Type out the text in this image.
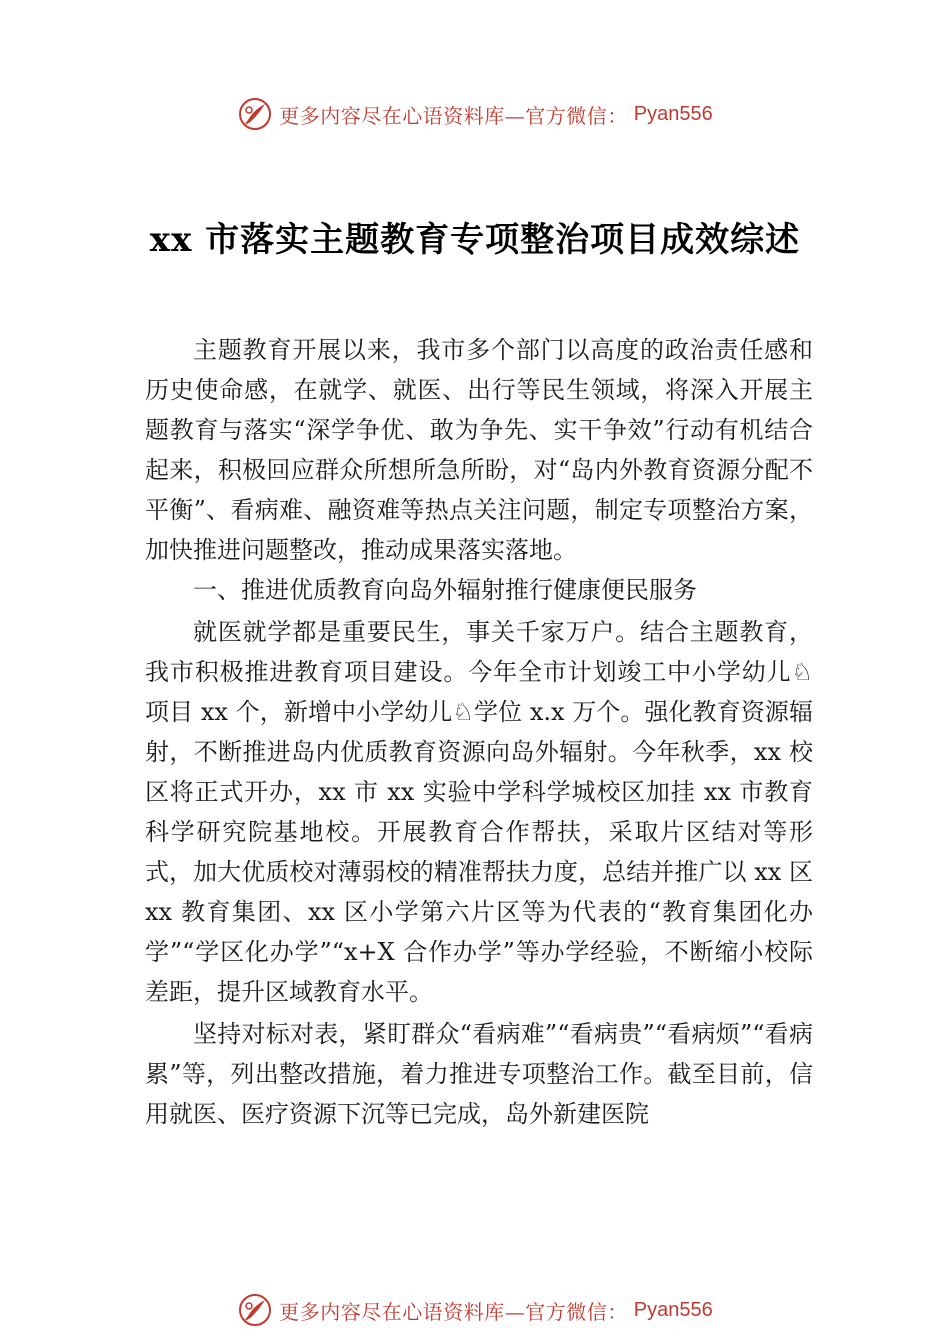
更多内容尽在心语资料库—官方微信： Pyan556
xx 市落实主题教育专项整治项目成效综述

主题教育开展以来，我市多个部门以高度的政治责任感和历史使命感，在就学、就医、出行等民生领域，将深入开展主题教育与落实“深学争优、敢为争先、实干争效”行动有机结合起来，积极回应群众所想所急所盼，对“岛内外教育资源分配不平衡”、看病难、融资难等热点关注问题，制定专项整治方案，加快推进问题整改，推动成果落实落地。

一、推进优质教育向岛外辐射推行健康便民服务

就医就学都是重要民生，事关千家万户。结合主题教育，我市积极推进教育项目建设。今年全市计划竣工中小学幼儿♘项目 xx 个，新增中小学幼儿♘学位 x.x 万个。强化教育资源辐射，不断推进岛内优质教育资源向岛外辐射。今年秋季，xx 校区将正式开办，xx 市 xx 实验中学科学城校区加挂 xx 市教育科学研究院基地校。开展教育合作帮扶，采取片区结对等形式，加大优质校对薄弱校的精准帮扶力度，总结并推广以 xx 区 xx 教育集团、xx 区小学第六片区等为代表的“教育集团化办学”“学区化办学”“x+X 合作办学”等办学经验，不断缩小校际差距，提升区域教育水平。

坚持对标对表，紧盯群众“看病难”“看病贵”“看病烦”“看病累”等，列出整改措施，着力推进专项整治工作。截至目前，信用就医、医疗资源下沉等已完成，岛外新建医院

更多内容尽在心语资料库—官方微信： Pyan556
